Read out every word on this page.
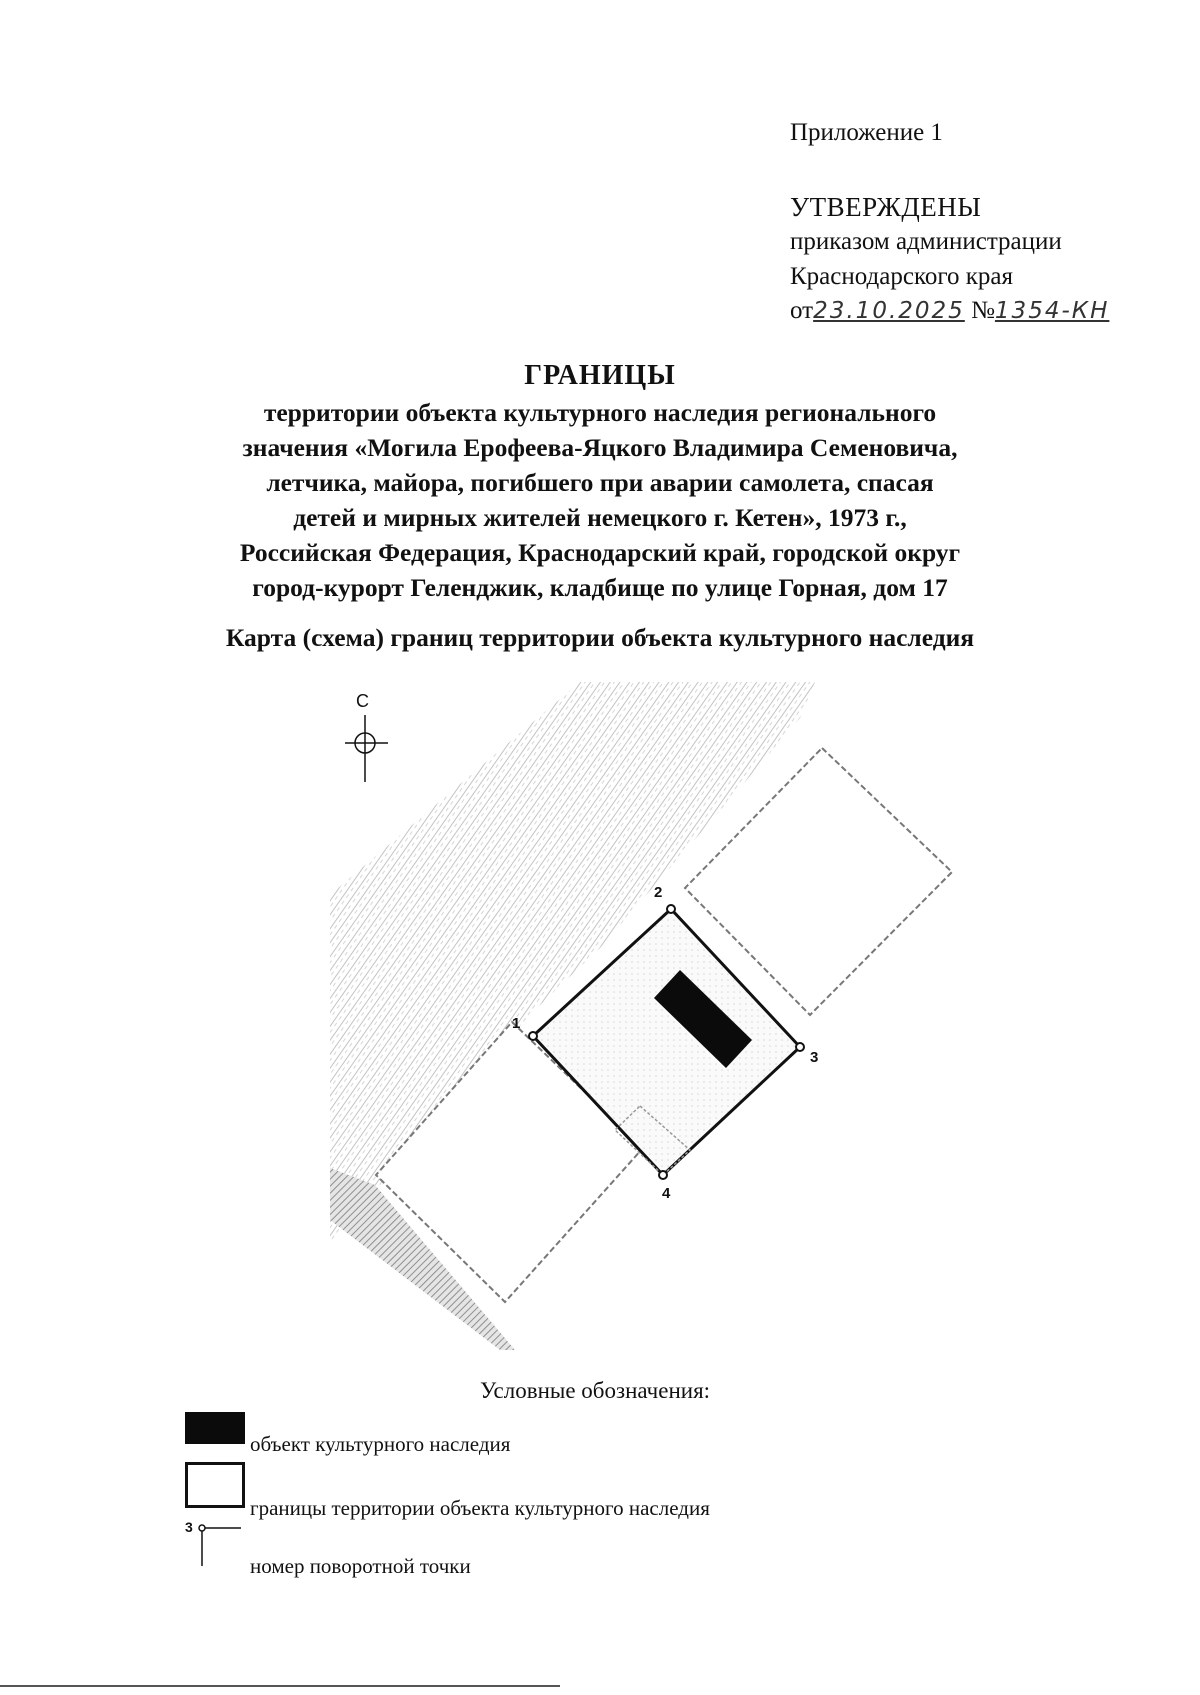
Приложение 1
УТВЕРЖДЕНЫ
приказом администрации
Краснодарского края
от23.10.2025 №1354-КН
ГРАНИЦЫ
территории объекта культурного наследия регионального
значения «Могила Ерофеева-Яцкого Владимира Семеновича,
летчика, майора, погибшего при аварии самолета, спасая
детей и мирных жителей немецкого г. Кетен», 1973 г.,
Российская Федерация, Краснодарский край, городской округ
город-курорт Геленджик, кладбище по улице Горная, дом 17
Карта (схема) границ территории объекта культурного наследия
1
2
3
4
С
Условные обозначения:
объект культурного наследия
границы территории объекта культурного наследия
3
номер поворотной точки
